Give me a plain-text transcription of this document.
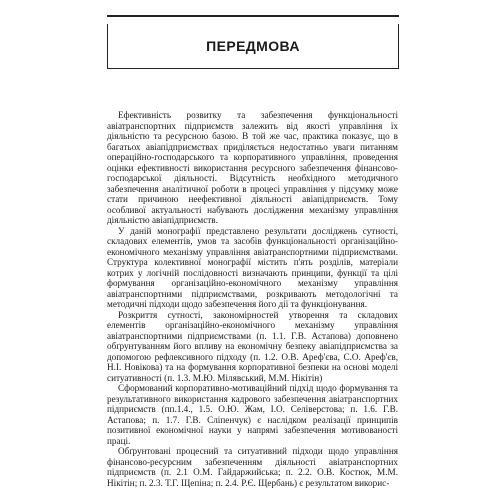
ПЕРЕДМОВА

Ефективність розвитку та забезпечення функціональності авіатранспортних підприємств залежить від якості управління їх діяльністю та ресурсною базою. В той же час, практика показує, що в багатьох авіапідприємствах приділяється недостатньо уваги питанням операційно-господарського та корпоративного управління, проведення оцінки ефективності використання ресурсного забезпечення фінансово-господарської діяльності. Відсутність необхідного методичного забезпечення аналітичної роботи в процесі управління у підсумку може стати причиною неефективної діяльності авіапідприємств. Тому особливої актуальності набувають дослідження механізму управління діяльністю авіапідприємств.

У даній монографії представлено результати досліджень сутності, складових елементів, умов та засобів функціональності організаційно-економічного механізму управління авіатранспортними підприємствами. Структура колективної монографії містить п'ять розділів, матеріали котрих у логічній послідовності визначають принципи, функції та цілі формування організаційно-економічного механізму управління авіатранспортними підприємствами, розкривають методологічні та методичні підходи щодо забезпечення його дії та функціонування.

Розкриття сутності, закономірностей утворення та складових елементів організаційно-економічного механізму управління авіатранспортними підприємствами (п. 1.1. Г.В. Астапова) доповнено обґрунтуванням його впливу на економічну безпеку авіапідприємства за допомогою рефлексивного підходу (п. 1.2. О.В. Ареф'єва, С.О. Ареф'єв, Н.І. Новікова) та на формування корпоративної безпеки на основі моделі ситуативності (п. 1.3. М.Ю. Мілявський, М.М. Нікітін)

Сформований корпоративно-мотиваційний підхід щодо формування та результативного використання кадрового забезпечення авіатранспортних підприємств (пп.1.4., 1.5. О.Ю. Жам, І.О. Селіверстова; п. 1.6. Г.В. Астапова; п. 1.7. Г.В. Сліпенчук) є наслідком реалізації принципів позитивної економічної науки у напрямі забезпечення мотивованості праці.

Обґрунтовані процесний та ситуативний підходи щодо управління фінансово-ресурсним забезпеченням діяльності авіатранспортних підприємств (п. 2.1 О.М. Гайдаржийська; п. 2.2. О.В. Костюк, М.М. Нікітін; п. 2.3. Т.Г. Щепіна; п. 2.4. Р.Є. Щербань) є результатом викорис-
